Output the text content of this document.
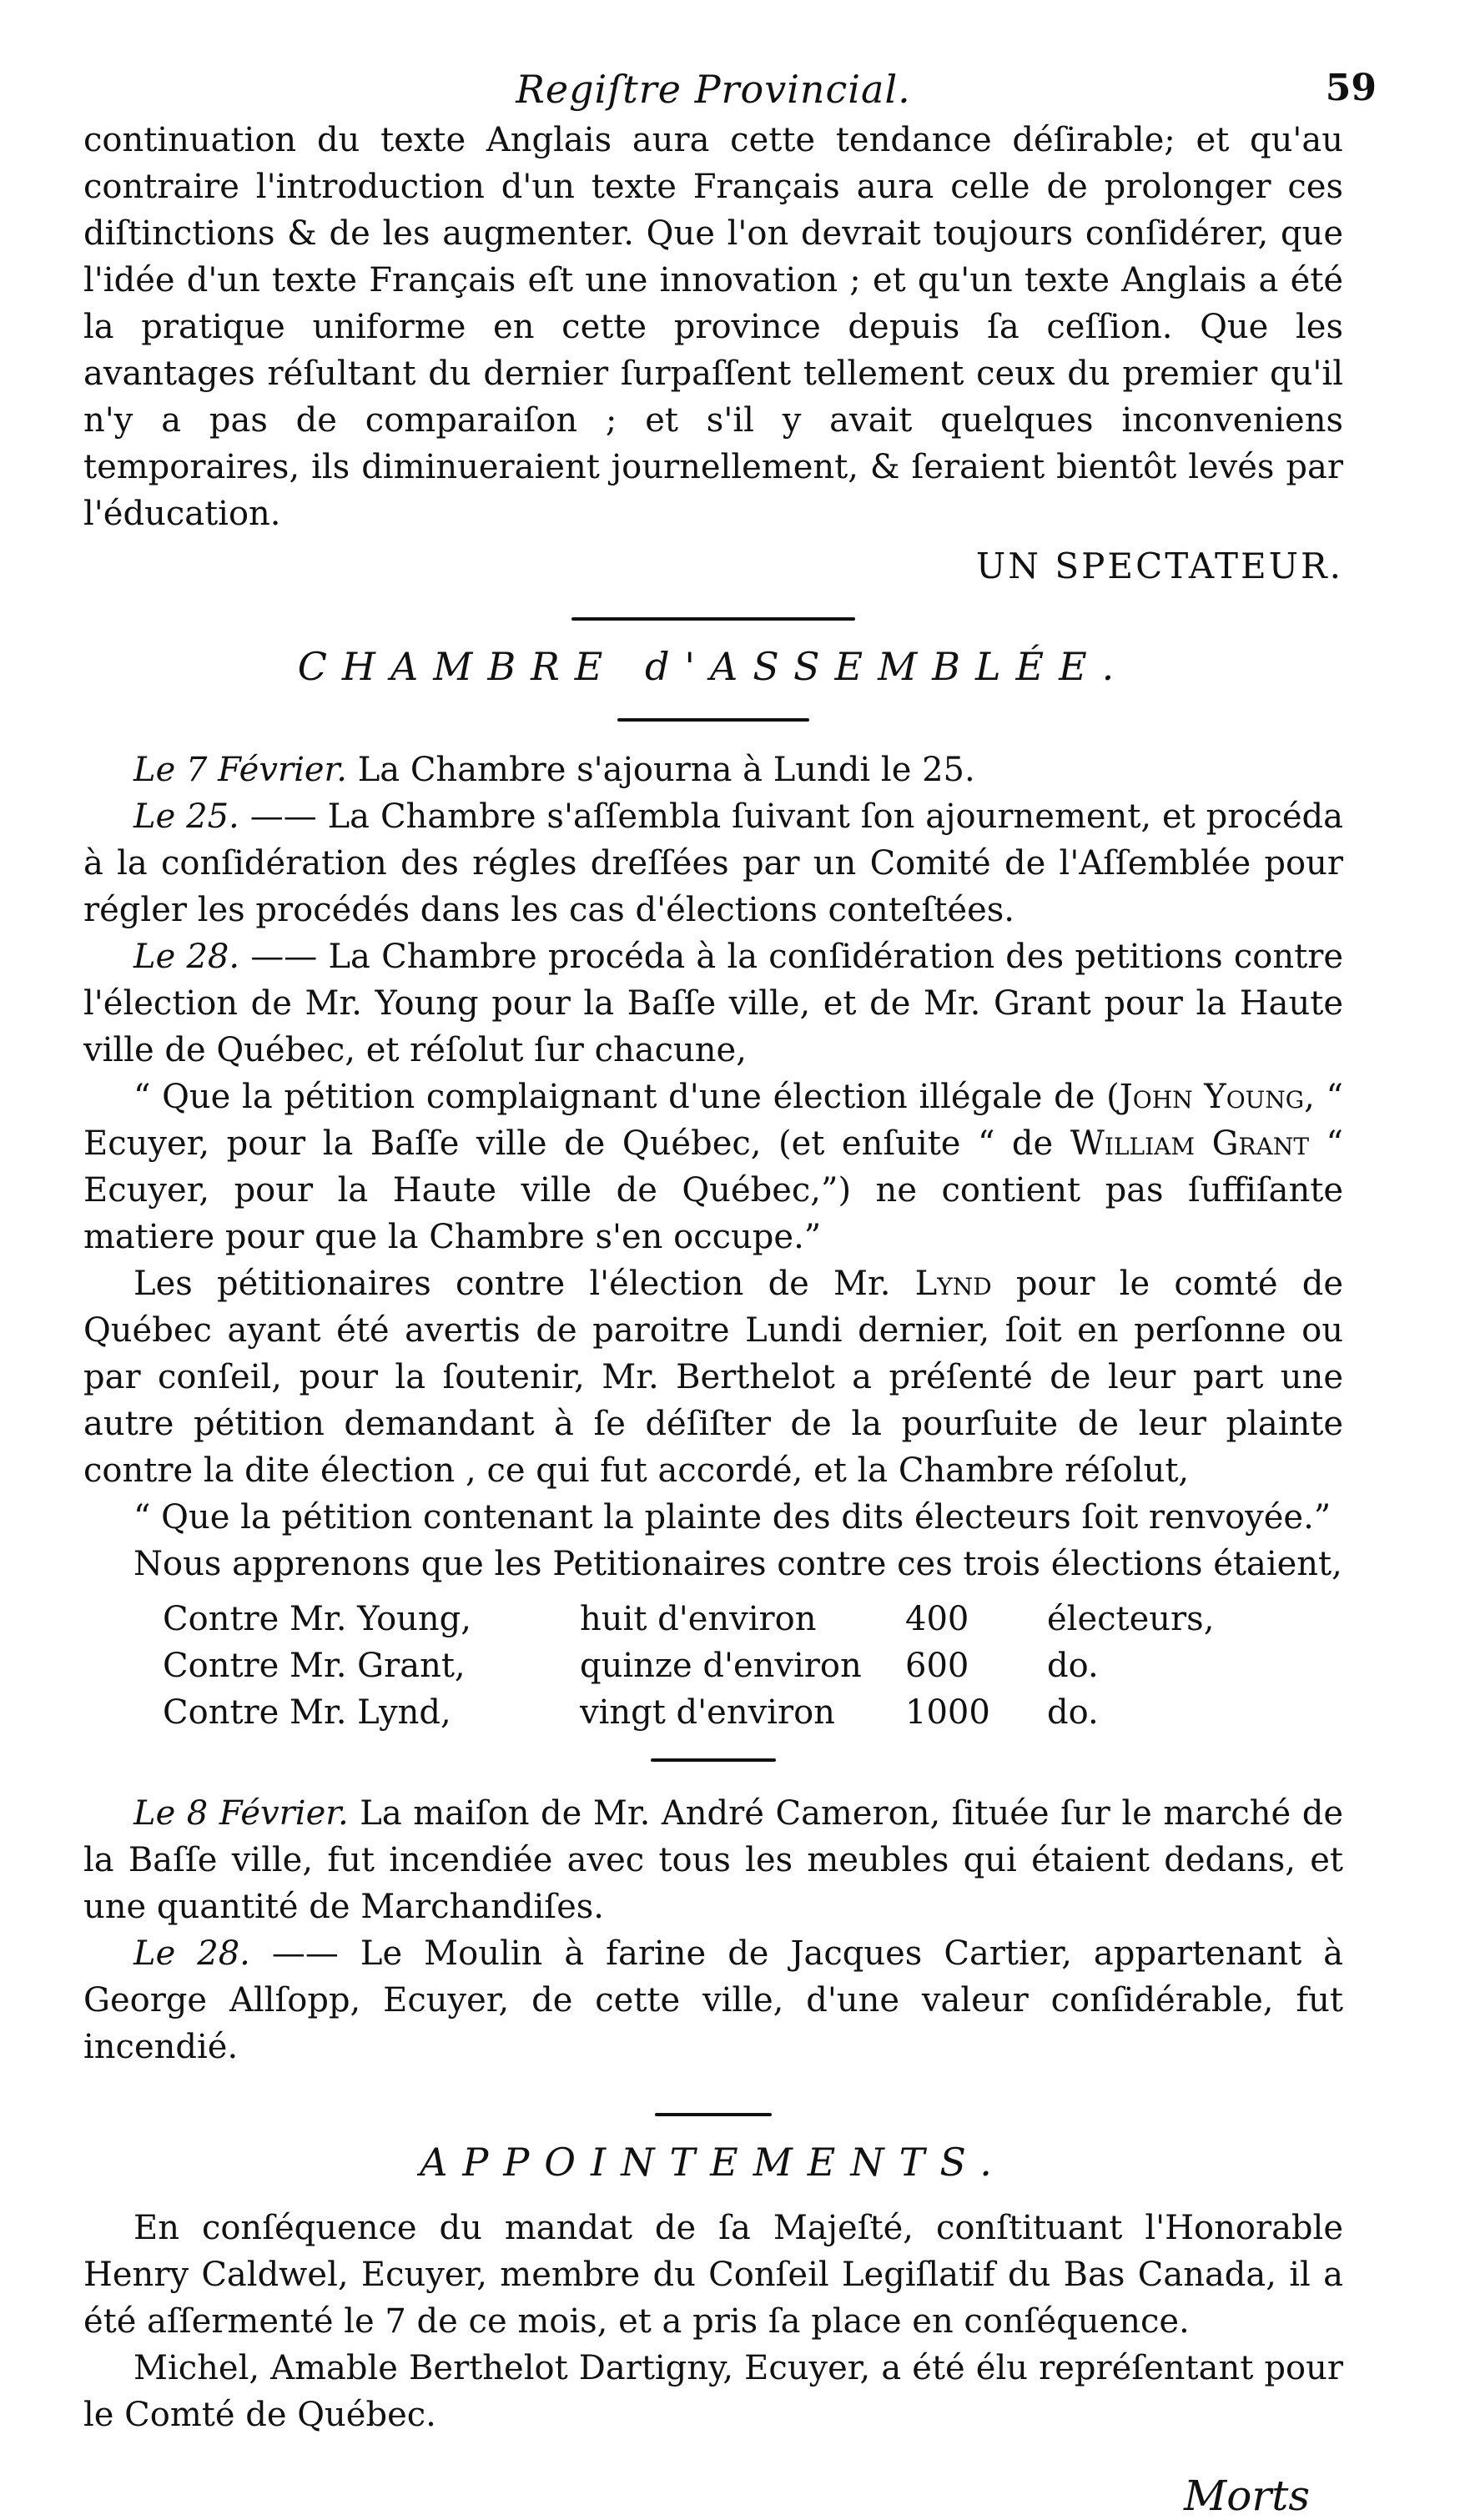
Regiſtre Provincial.	59

continuation du texte Anglais aura cette tendance déſirable; et qu'au contraire l'introduction d'un texte Français aura celle de prolonger ces diſtinctions & de les augmenter. Que l'on devrait toujours conſidérer, que l'idée d'un texte Français eſt une innovation ; et qu'un texte Anglais a été la pratique uniforme en cette province depuis ſa ceſſion. Que les avantages réſultant du dernier ſurpaſſent tellement ceux du premier qu'il n'y a pas de comparaiſon ; et s'il y avait quelques inconveniens temporaires, ils diminueraient journellement, & ſeraient bientôt levés par l'éducation.

UN SPECTATEUR.
CHAMBRE d'ASSEMBLÉE.

Le 7 Février. La Chambre s'ajourna à Lundi le 25.

Le 25. —— La Chambre s'aſſembla ſuivant ſon ajournement, et procéda à la conſidération des régles dreſſées par un Comité de l'Aſſemblée pour régler les procédés dans les cas d'élections conteſtées.

Le 28. —— La Chambre procéda à la conſidération des petitions contre l'élection de Mr. Young pour la Baſſe ville, et de Mr. Grant pour la Haute ville de Québec, et réſolut ſur chacune,

“ Que la pétition complaignant d'une élection illégale de (John Young, “ Ecuyer, pour la Baſſe ville de Québec, (et enſuite “ de William Grant “ Ecuyer, pour la Haute ville de Québec,”) ne contient pas ſuffiſante matiere pour que la Chambre s'en occupe.”

Les pétitionaires contre l'élection de Mr. Lynd pour le comté de Québec ayant été avertis de paroitre Lundi dernier, ſoit en perſonne ou par conſeil, pour la ſoutenir, Mr. Berthelot a préſenté de leur part une autre pétition demandant à ſe déſiſter de la pourſuite de leur plainte contre la dite élection , ce qui fut accordé, et la Chambre réſolut,

“ Que la pétition contenant la plainte des dits électeurs ſoit renvoyée.”

Nous apprenons que les Petitionaires contre ces trois élections étaient,

Contre Mr. Young,	huit d'environ	400	électeurs,
Contre Mr. Grant,	quinze d'environ	600	do.
Contre Mr. Lynd,	vingt d'environ	1000	do.

Le 8 Février. La maiſon de Mr. André Cameron, ſituée ſur le marché de la Baſſe ville, fut incendiée avec tous les meubles qui étaient dedans, et une quantité de Marchandiſes.

Le 28. —— Le Moulin à farine de Jacques Cartier, appartenant à George Allſopp, Ecuyer, de cette ville, d'une valeur conſidérable, fut incendié.

APPOINTEMENTS.

En conſéquence du mandat de ſa Majeſté, conſtituant l'Honorable Henry Caldwel, Ecuyer, membre du Conſeil Legiſlatif du Bas Canada, il a été aſſermenté le 7 de ce mois, et a pris ſa place en conſéquence.

Michel, Amable Berthelot Dartigny, Ecuyer, a été élu repréſentant pour le Comté de Québec.

Morts
